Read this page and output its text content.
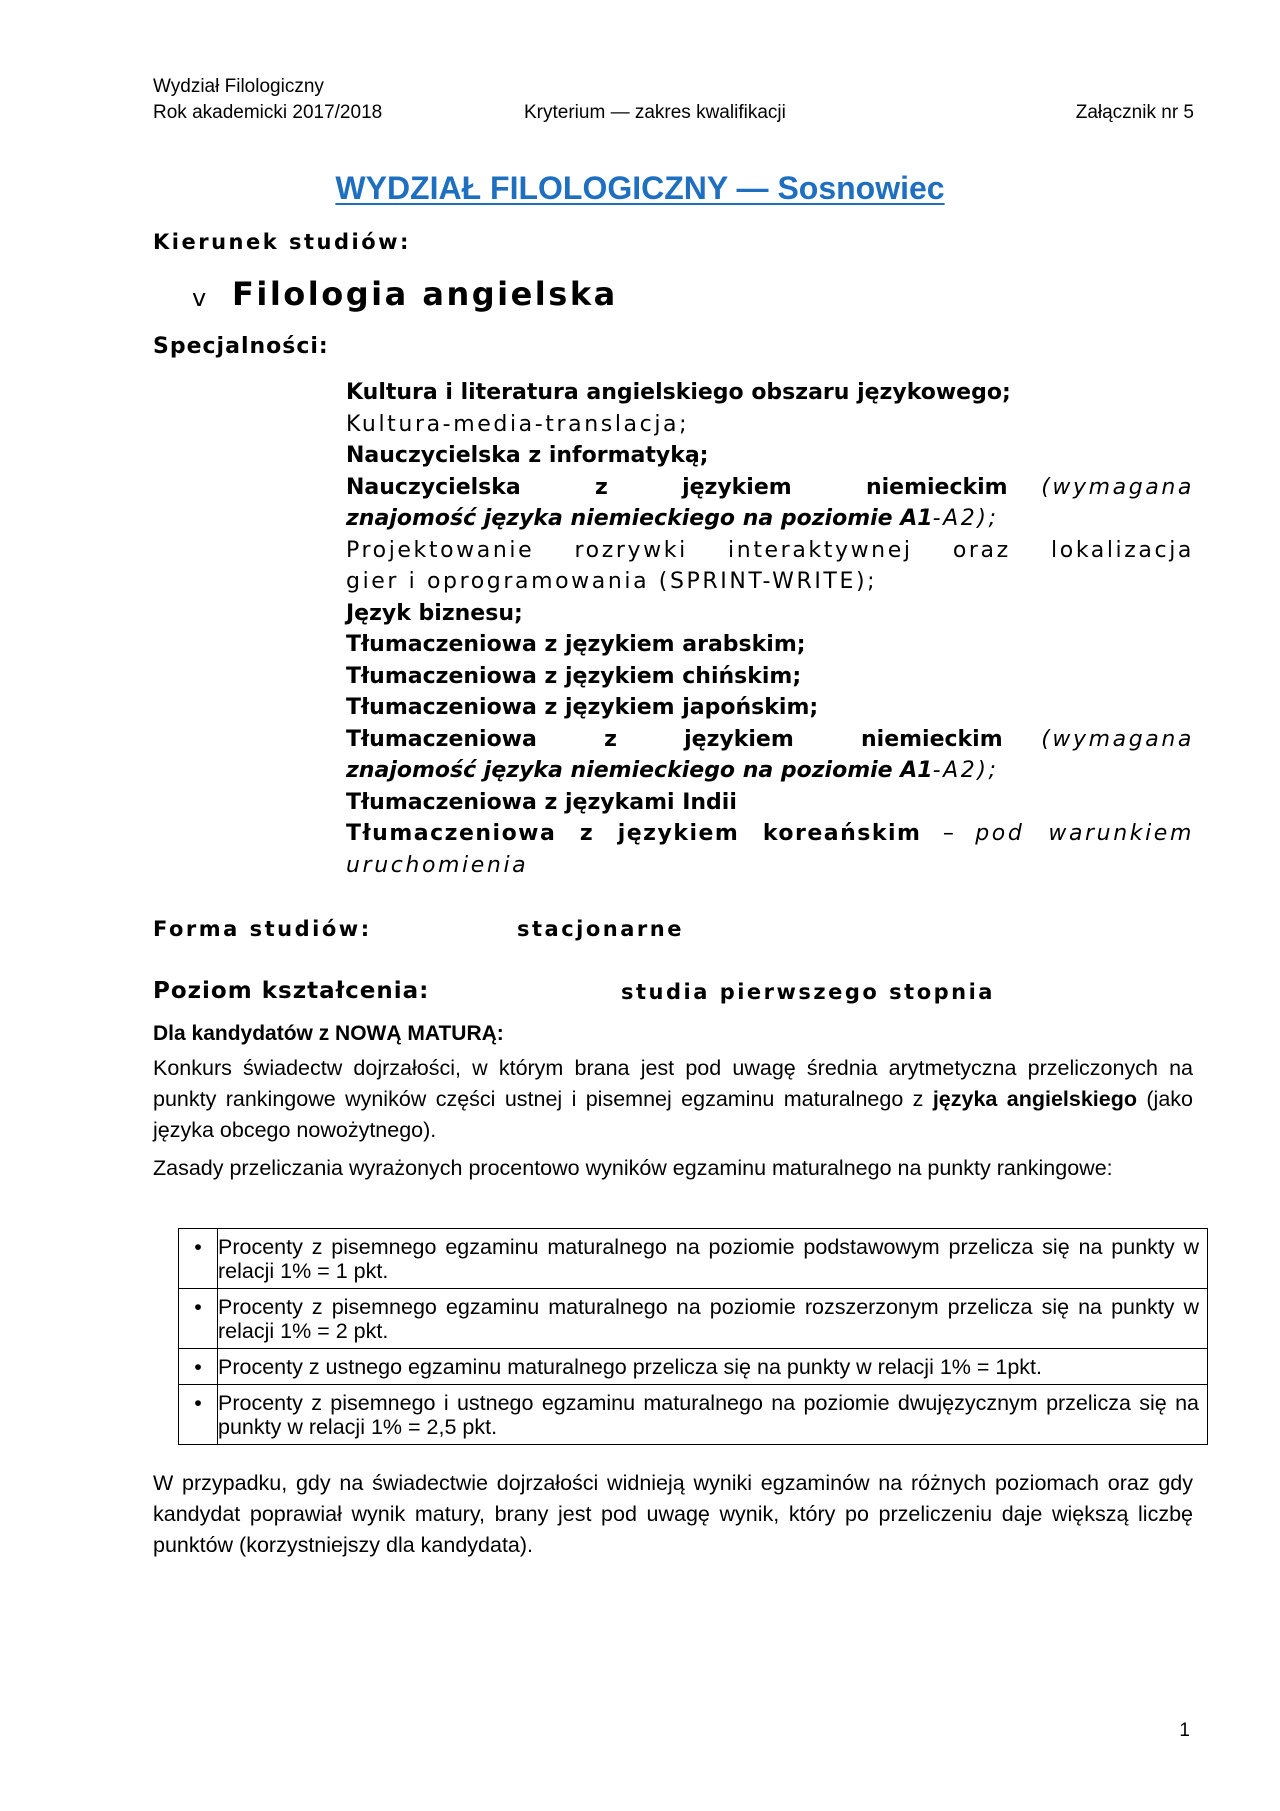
Wydział Filologiczny
Rok akademicki 2017/2018	Kryterium — zakres kwalifikacji	Załącznik nr 5
WYDZIAŁ FILOLOGICZNY — Sosnowiec
Kierunek studiów:
v Filologia angielska
Specjalności:
Kultura i literatura angielskiego obszaru językowego;
Kultura-media-translacja;
Nauczycielska z informatyką;
Nauczycielska z językiem niemieckim (wymagana
znajomość języka niemieckiego na poziomie A1-A2);
Projektowanie rozrywki interaktywnej oraz lokalizacja
gier i oprogramowania (SPRINT-WRITE);
Język biznesu;
Tłumaczeniowa z językiem arabskim;
Tłumaczeniowa z językiem chińskim;
Tłumaczeniowa z językiem japońskim;
Tłumaczeniowa z językiem niemieckim (wymagana
znajomość języka niemieckiego na poziomie A1-A2);
Tłumaczeniowa z językami Indii
Tłumaczeniowa z językiem koreańskim – pod warunkiem
uruchomienia
Forma studiów:	stacjonarne
Poziom kształcenia:	studia pierwszego stopnia
Dla kandydatów z NOWĄ MATURĄ:
Konkurs świadectw dojrzałości, w którym brana jest pod uwagę średnia arytmetyczna przeliczonych na punkty rankingowe wyników części ustnej i pisemnej egzaminu maturalnego z języka angielskiego (jako języka obcego nowożytnego).
Zasady przeliczania wyrażonych procentowo wyników egzaminu maturalnego na punkty rankingowe:
•	Procenty z pisemnego egzaminu maturalnego na poziomie podstawowym przelicza się na punkty w relacji 1% = 1 pkt.
•	Procenty z pisemnego egzaminu maturalnego na poziomie rozszerzonym przelicza się na punkty w relacji 1% = 2 pkt.
•	Procenty z ustnego egzaminu maturalnego przelicza się na punkty w relacji 1% = 1pkt.
•	Procenty z pisemnego i ustnego egzaminu maturalnego na poziomie dwujęzycznym przelicza się na punkty w relacji 1% = 2,5 pkt.
W przypadku, gdy na świadectwie dojrzałości widnieją wyniki egzaminów na różnych poziomach oraz gdy kandydat poprawiał wynik matury, brany jest pod uwagę wynik, który po przeliczeniu daje większą liczbę punktów (korzystniejszy dla kandydata).
1
